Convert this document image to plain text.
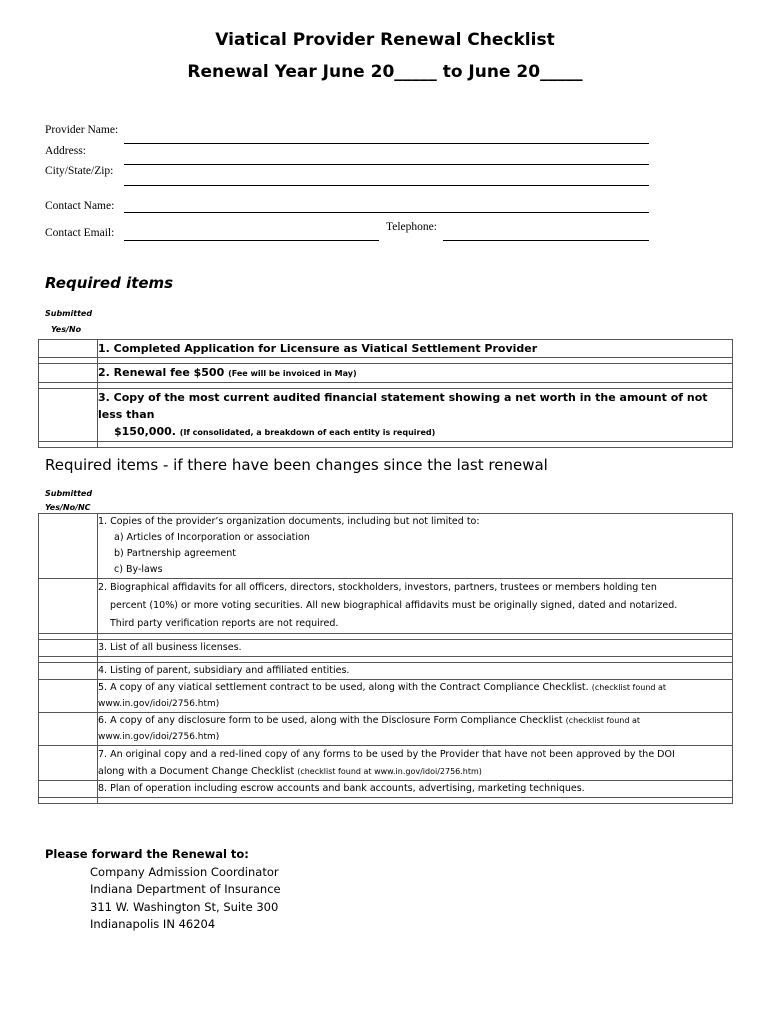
Viatical Provider Renewal Checklist
Renewal Year June 20_____ to June 20_____
Provider Name:
Address:
City/State/Zip:
Contact Name:
Contact Email:	Telephone:
Required items
Submitted
Yes/No
	1. Completed Application for Licensure as Viatical Settlement Provider

	2. Renewal fee $500 (Fee will be invoiced in May)

	3. Copy of the most current audited financial statement showing a net worth in the amount of not less than
$150,000. (If consolidated, a breakdown of each entity is required)

Required items - if there have been changes since the last renewal
Submitted
Yes/No/NC

	1. Copies of the provider’s organization documents, including but not limited to:
a) Articles of Incorporation or association
b) Partnership agreement
c) By-laws

	2. Biographical affidavits for all officers, directors, stockholders, investors, partners, trustees or members holding ten
percent (10%) or more voting securities. All new biographical affidavits must be originally signed, dated and notarized.
Third party verification reports are not required.

	3. List of all business licenses.

	4. Listing of parent, subsidiary and affiliated entities.

	5. A copy of any viatical settlement contract to be used, along with the Contract Compliance Checklist. (checklist found at
www.in.gov/idoi/2756.htm)

	6. A copy of any disclosure form to be used, along with the Disclosure Form Compliance Checklist (checklist found at
www.in.gov/idoi/2756.htm)

	7. An original copy and a red-lined copy of any forms to be used by the Provider that have not been approved by the DOI
along with a Document Change Checklist (checklist found at www.in.gov/idoi/2756.htm)

	8. Plan of operation including escrow accounts and bank accounts, advertising, marketing techniques.

Please forward the Renewal to:
Company Admission Coordinator
Indiana Department of Insurance
311 W. Washington St, Suite 300
Indianapolis IN 46204
